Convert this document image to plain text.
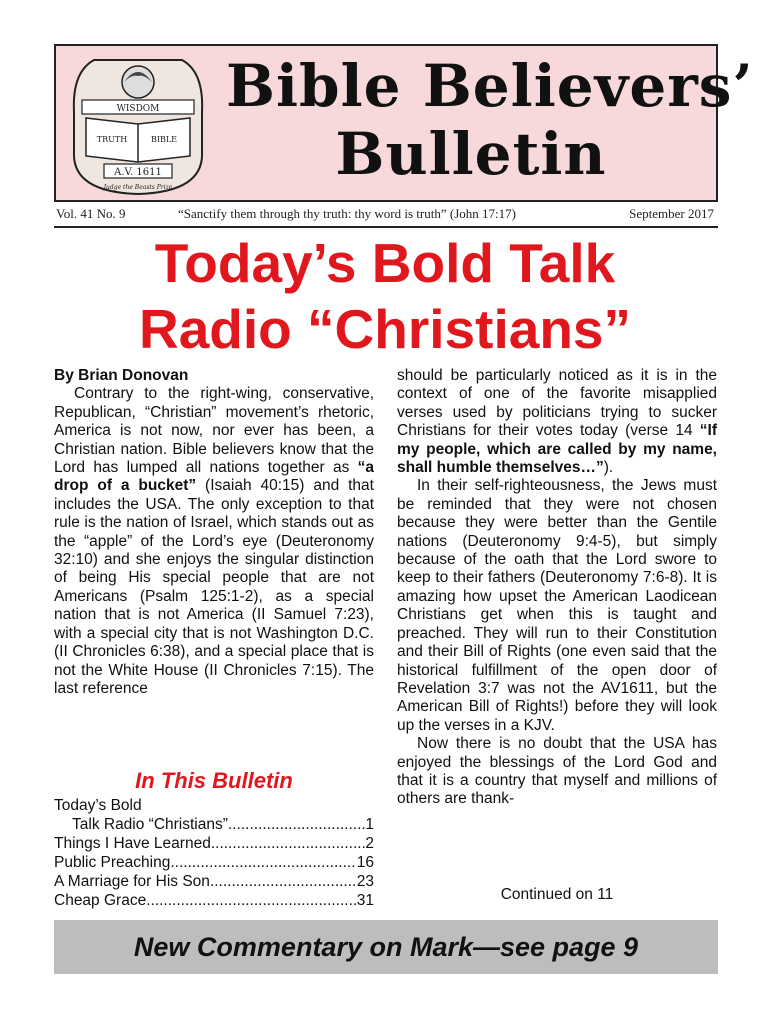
WISDOM
TRUTH	BIBLE
A.V. 1611
Judge the Beasts Prize
Bible Believers’
Bulletin
Vol. 41 No. 9	“Sanctify them through thy truth: thy word is truth” (John 17:17)	September 2017
Today’s Bold Talk
Radio “Christians”

By Brian Donovan

Contrary to the right-wing, conservative, Republican, “Christian” movement’s rhetoric, America is not now, nor ever has been, a Christian nation. Bible believers know that the Lord has lumped all nations together as “a drop of a bucket” (Isaiah 40:15) and that includes the USA. The only exception to that rule is the nation of Israel, which stands out as the “apple” of the Lord’s eye (Deuteronomy 32:10) and she enjoys the singular distinction of being His special people that are not Americans (Psalm 125:1-2), as a special nation that is not America (II Samuel 7:23), with a special city that is not Washington D.C. (II Chronicles 6:38), and a special place that is not the White House (II Chronicles 7:15). The last reference

should be particularly noticed as it is in the context of one of the favorite misapplied verses used by politicians trying to sucker Christians for their votes today (verse 14 “If my people, which are called by my name, shall humble themselves…”).

In their self-righteousness, the Jews must be reminded that they were not chosen because they were better than the Gentile nations (Deuteronomy 9:4-5), but simply because of the oath that the Lord swore to keep to their fathers (Deuteronomy 7:6-8). It is amazing how upset the American Laodicean Christians get when this is taught and preached. They will run to their Constitution and their Bill of Rights (one even said that the historical fulfillment of the open door of Revelation 3:7 was not the AV1611, but the American Bill of Rights!) before they will look up the verses in a KJV.

Now there is no doubt that the USA has enjoyed the blessings of the Lord God and that it is a country that myself and millions of others are thank-

Continued on 11
In This Bulletin
Today’s Bold
Talk Radio “Christians” .....	1
Things I Have Learned .....	2
Public Preaching .....	16
A Marriage for His Son .....	23
Cheap Grace .....	31
New Commentary on Mark—see page 9
